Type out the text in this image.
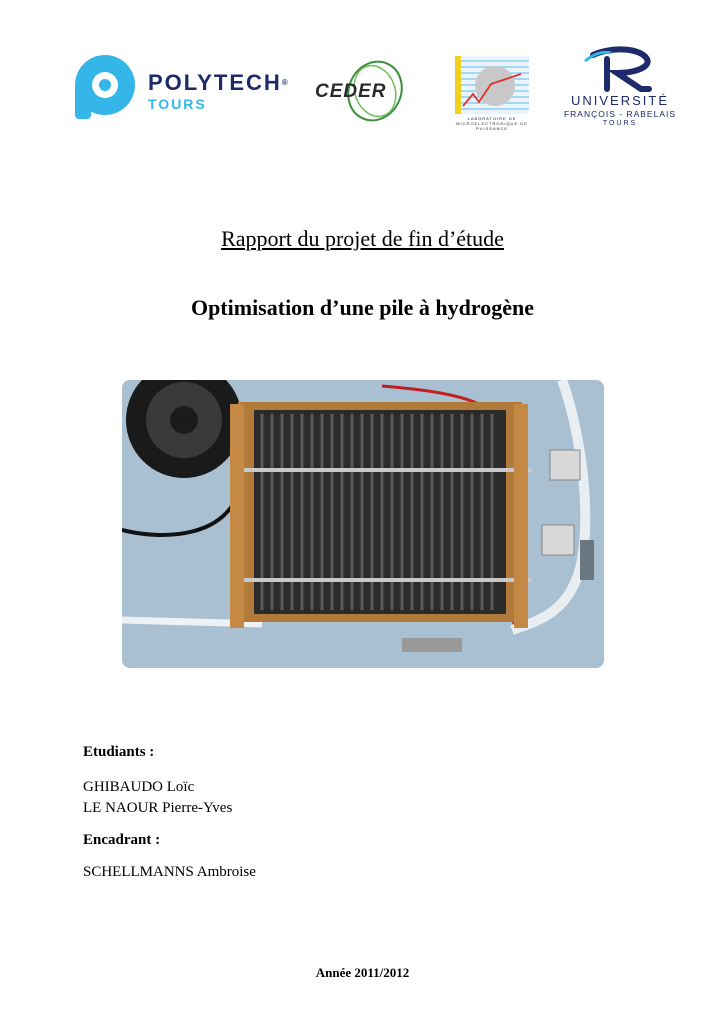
POLYTECH®
TOURS
CEDER
LABORATOIRE DE MICROELECTRONIQUE DE PUISSANCE
UNIVERSITÉ
FRANÇOIS - RABELAIS
TOURS
Rapport du projet de fin d’étude
Optimisation d’une pile à hydrogène
Etudiants :
GHIBAUDO Loïc
LE NAOUR Pierre-Yves
Encadrant :
SCHELLMANNS Ambroise
Année 2011/2012
